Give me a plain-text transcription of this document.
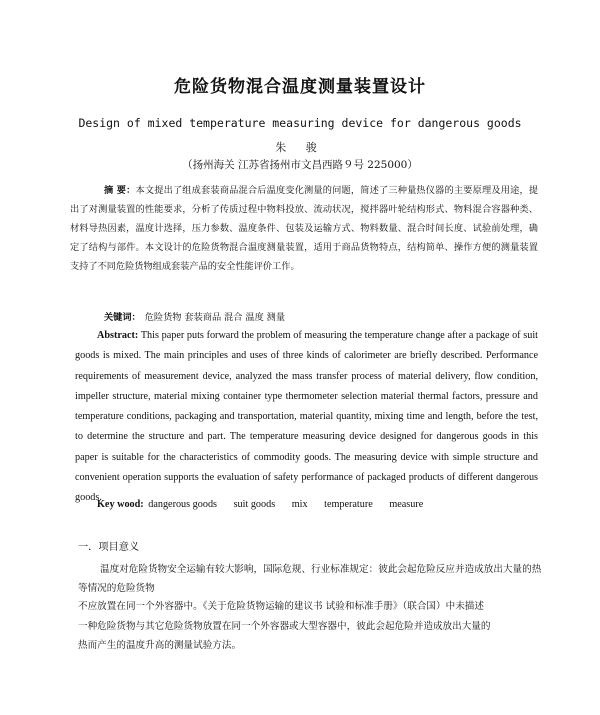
危险货物混合温度测量装置设计
Design of mixed temperature measuring device for dangerous goods
朱 骏
（扬州海关 江苏省扬州市文昌西路９号 225000）
摘 要：本文提出了组成套装商品混合后温度变化测量的问题，简述了三种量热仪器的主要原理及用途，提出了对测量装置的性能要求，分析了传质过程中物料投放、流动状况，搅拌器叶轮结构形式、物料混合容器种类、材料导热因素，温度计选择，压力参数、温度条件、包装及运输方式、物料数量、混合时间长度、试验前处理，确定了结构与部件。本文设计的危险货物混合温度测量装置，适用于商品货物特点，结构简单、操作方便的测量装置支持了不同危险货物组成套装产品的安全性能评价工作。
关键词： 危险货物 套装商品 混合 温度 测量
Abstract: This paper puts forward the problem of measuring the temperature change after a package of suit goods is mixed. The main principles and uses of three kinds of calorimeter are briefly described. Performance requirements of measurement device, analyzed the mass transfer process of material delivery, flow condition, impeller structure, material mixing container type thermometer selection material thermal factors, pressure and temperature conditions, packaging and transportation, material quantity, mixing time and length, before the test, to determine the structure and part. The temperature measuring device designed for dangerous goods in this paper is suitable for the characteristics of commodity goods. The measuring device with simple structure and convenient operation supports the evaluation of safety performance of packaged products of different dangerous goods.
Key wood: dangerous goods suit goods mix temperature measure
一．项目意义
温度对危险货物安全运输有较大影响，国际危规、行业标准规定：彼此会起危险反应并造成放出大量的热等情况的危险货物
不应放置在同一个外容器中。《关于危险货物运输的建议书 试验和标准手册》（联合国）中未描述
一种危险货物与其它危险货物放置在同一个外容器或大型容器中，彼此会起危险并造成放出大量的
热而产生的温度升高的测量试验方法。
